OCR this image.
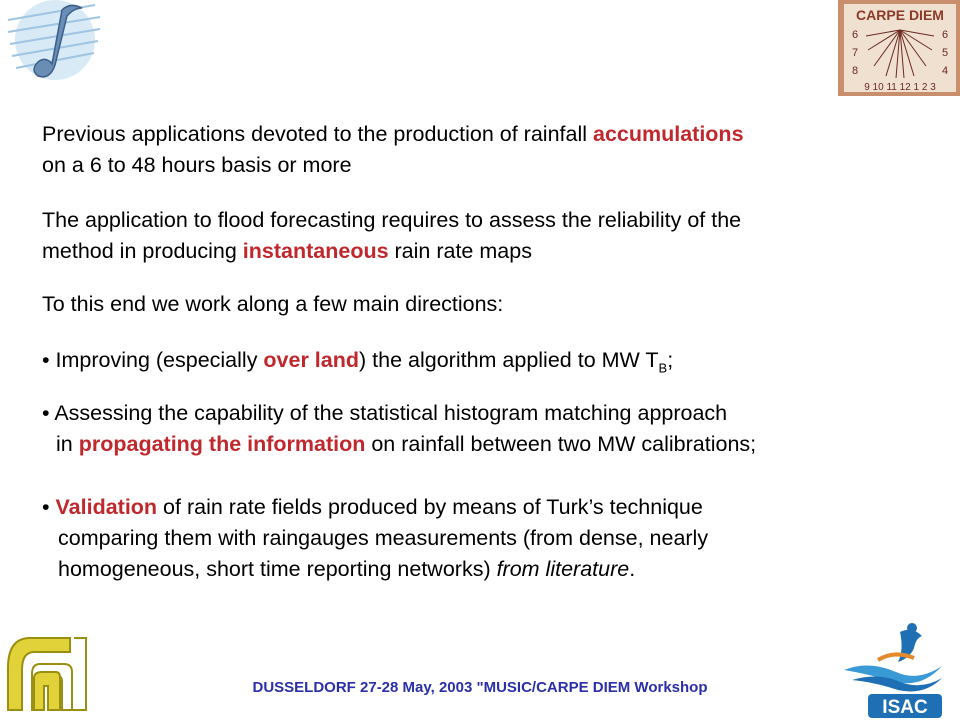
CARPE DIEM
6
7
8
6
5
4
9 10 11 12 1 2 3
Previous applications devoted to the production of rainfall accumulations
on a 6 to 48 hours basis or more
The application to flood forecasting requires to assess the reliability of the
method in producing instantaneous rain rate maps
To this end we work along a few main directions:
• Improving (especially over land) the algorithm applied to MW $T_B$;
• Assessing the capability of the statistical histogram matching approach
in propagating the information on rainfall between two MW calibrations;
• Validation of rain rate fields produced by means of Turk’s technique
comparing them with raingauges measurements (from dense, nearly
homogeneous, short time reporting networks) from literature.
DUSSELDORF 27-28 May, 2003 "MUSIC/CARPE DIEM Workshop
ISAC
